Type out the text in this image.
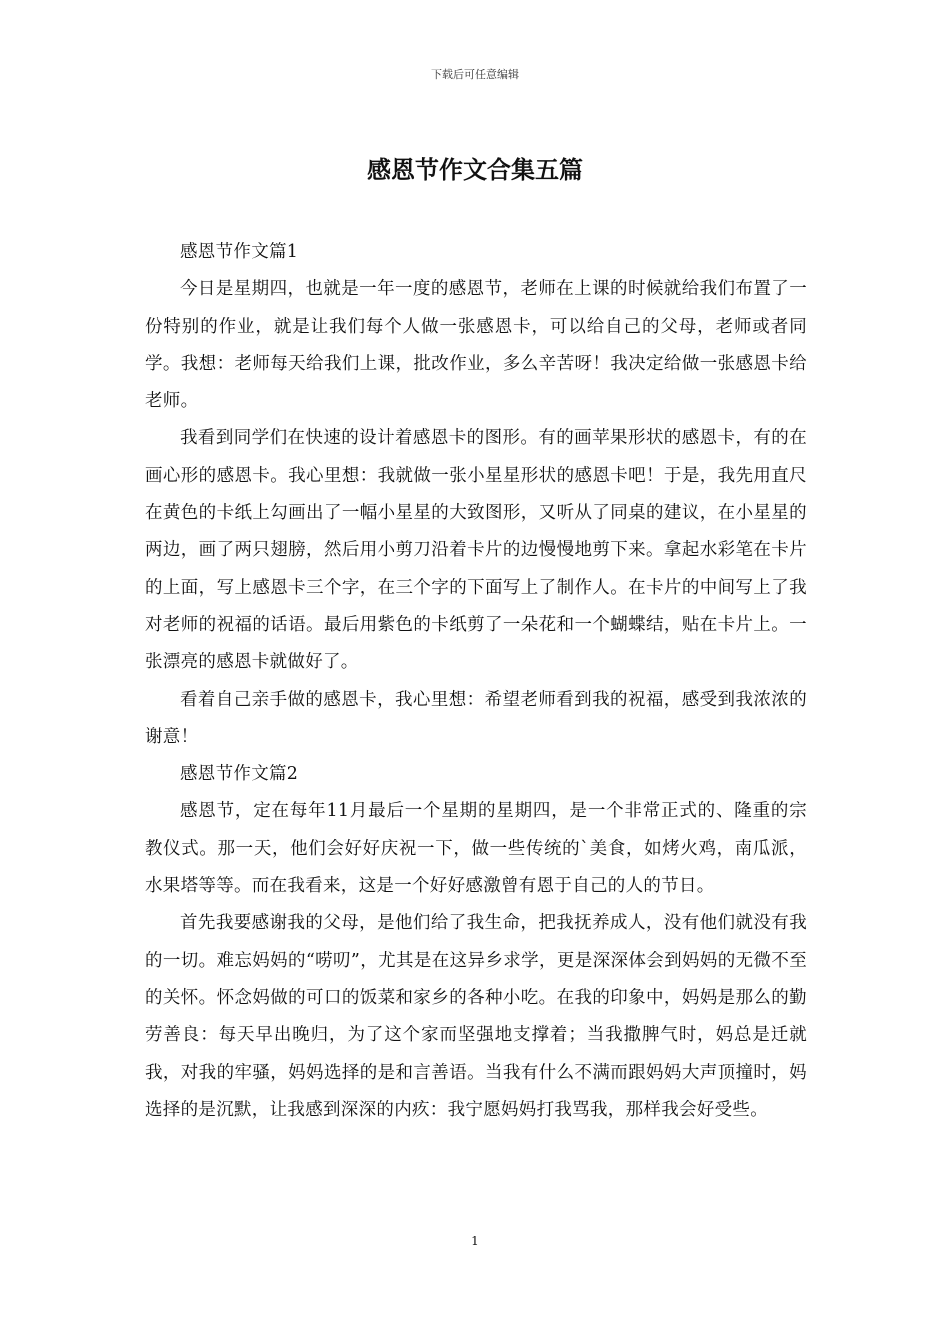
下载后可任意编辑
感恩节作文合集五篇
感恩节作文篇1

今日是星期四，也就是一年一度的感恩节，老师在上课的时候就给我们布置了一份特别的作业，就是让我们每个人做一张感恩卡，可以给自己的父母，老师或者同学。我想：老师每天给我们上课，批改作业，多么辛苦呀！我决定给做一张感恩卡给老师。

我看到同学们在快速的设计着感恩卡的图形。有的画苹果形状的感恩卡，有的在画心形的感恩卡。我心里想：我就做一张小星星形状的感恩卡吧！于是，我先用直尺在黄色的卡纸上勾画出了一幅小星星的大致图形，又听从了同桌的建议，在小星星的两边，画了两只翅膀，然后用小剪刀沿着卡片的边慢慢地剪下来。拿起水彩笔在卡片的上面，写上感恩卡三个字，在三个字的下面写上了制作人。在卡片的中间写上了我对老师的祝福的话语。最后用紫色的卡纸剪了一朵花和一个蝴蝶结，贴在卡片上。一张漂亮的感恩卡就做好了。

看着自己亲手做的感恩卡，我心里想：希望老师看到我的祝福，感受到我浓浓的谢意！

感恩节作文篇2

感恩节，定在每年11月最后一个星期的星期四，是一个非常正式的、隆重的宗教仪式。那一天，他们会好好庆祝一下，做一些传统的`美食，如烤火鸡，南瓜派，水果塔等等。而在我看来，这是一个好好感激曾有恩于自己的人的节日。

首先我要感谢我的父母，是他们给了我生命，把我抚养成人，没有他们就没有我的一切。难忘妈妈的“唠叨”，尤其是在这异乡求学，更是深深体会到妈妈的无微不至的关怀。怀念妈做的可口的饭菜和家乡的各种小吃。在我的印象中，妈妈是那么的勤劳善良：每天早出晚归，为了这个家而坚强地支撑着；当我撒脾气时，妈总是迁就我，对我的牢骚，妈妈选择的是和言善语。当我有什么不满而跟妈妈大声顶撞时，妈选择的是沉默，让我感到深深的内疚：我宁愿妈妈打我骂我，那样我会好受些。

1
